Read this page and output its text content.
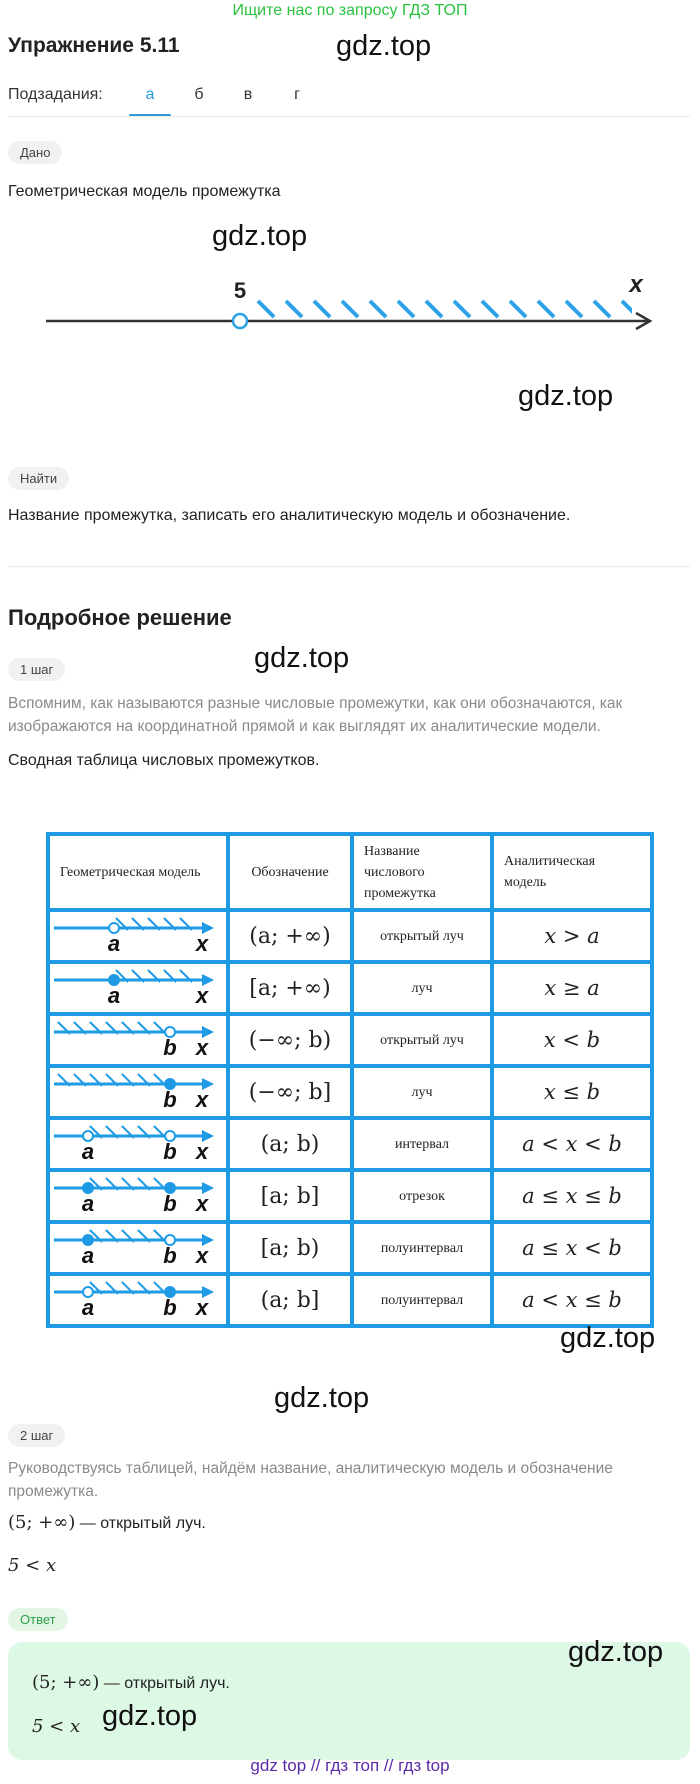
Ищите нас по запросу ГДЗ ТОП
Упражнение 5.11	gdz.top
Подзадания:	а	б	в	г
Дано
Геометрическая модель промежутка
gdz.top
5	x
gdz.top
Найти
Название промежутка, записать его аналитическую модель и обозначение.
Подробное решение
1 шаг	gdz.top
Вспомним, как называются разные числовые промежутки, как они обозначаются, как изображаются на координатной прямой и как выглядят их аналитические модели.
Сводная таблица числовых промежутков.
Геометрическая модель	Обозначение	Название числового промежутка	Аналитическая модель

a x	(a; +∞)	открытый луч	x > a

a x	[a; +∞)	луч	x ≥ a

b x	(−∞; b)	открытый луч	x < b

b x	(−∞; b]	луч	x ≤ b

a b x	(a; b)	интервал	a < x < b

a b x	[a; b]	отрезок	a ≤ x ≤ b

a b x	[a; b)	полуинтервал	a ≤ x < b

a b x	(a; b]	полуинтервал	a < x ≤ b
gdz.top
gdz.top
2 шаг
Руководствуясь таблицей, найдём название, аналитическую модель и обозначение промежутка.
(5; +∞) — открытый луч.
5 < x
Ответ
gdz.top
(5; +∞) — открытый луч.
5 < x gdz.top
gdz top // гдз топ // гдз top
